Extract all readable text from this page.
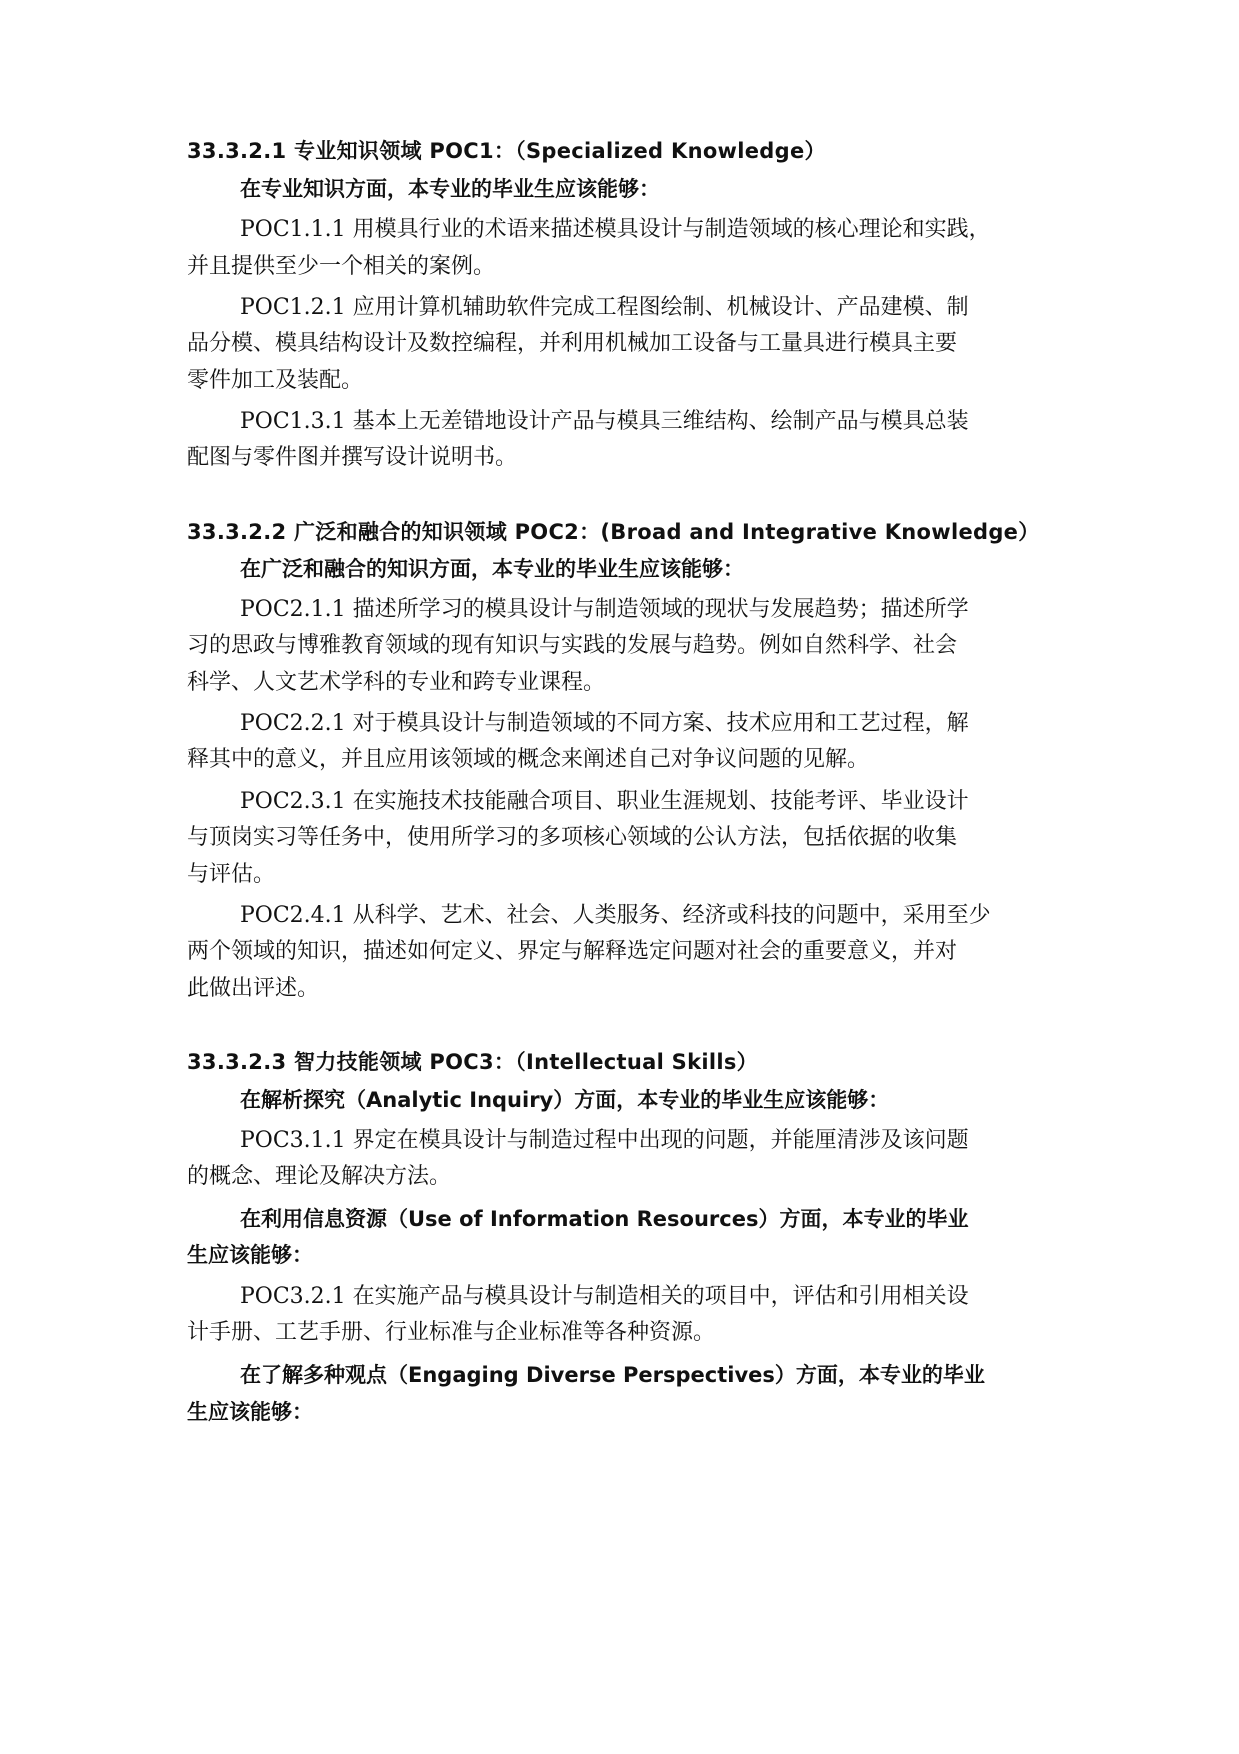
33.3.2.1 专业知识领域 POC1：（Specialized Knowledge）
在专业知识方面，本专业的毕业生应该能够：
POC1.1.1 用模具行业的术语来描述模具设计与制造领域的核心理论和实践，
并且提供至少一个相关的案例。
POC1.2.1 应用计算机辅助软件完成工程图绘制、机械设计、产品建模、制
品分模、模具结构设计及数控编程，并利用机械加工设备与工量具进行模具主要
零件加工及装配。
POC1.3.1 基本上无差错地设计产品与模具三维结构、绘制产品与模具总装
配图与零件图并撰写设计说明书。
33.3.2.2 广泛和融合的知识领域 POC2：(Broad and Integrative Knowledge）
在广泛和融合的知识方面，本专业的毕业生应该能够：
POC2.1.1 描述所学习的模具设计与制造领域的现状与发展趋势；描述所学
习的思政与博雅教育领域的现有知识与实践的发展与趋势。例如自然科学、社会
科学、人文艺术学科的专业和跨专业课程。
POC2.2.1 对于模具设计与制造领域的不同方案、技术应用和工艺过程，解
释其中的意义，并且应用该领域的概念来阐述自己对争议问题的见解。
POC2.3.1 在实施技术技能融合项目、职业生涯规划、技能考评、毕业设计
与顶岗实习等任务中，使用所学习的多项核心领域的公认方法，包括依据的收集
与评估。
POC2.4.1 从科学、艺术、社会、人类服务、经济或科技的问题中，采用至少
两个领域的知识，描述如何定义、界定与解释选定问题对社会的重要意义，并对
此做出评述。
33.3.2.3 智力技能领域 POC3：（Intellectual Skills）
在解析探究（Analytic Inquiry）方面，本专业的毕业生应该能够：
POC3.1.1 界定在模具设计与制造过程中出现的问题，并能厘清涉及该问题
的概念、理论及解决方法。
在利用信息资源（Use of Information Resources）方面，本专业的毕业
生应该能够：
POC3.2.1 在实施产品与模具设计与制造相关的项目中，评估和引用相关设
计手册、工艺手册、行业标准与企业标准等各种资源。
在了解多种观点（Engaging Diverse Perspectives）方面，本专业的毕业
生应该能够：
